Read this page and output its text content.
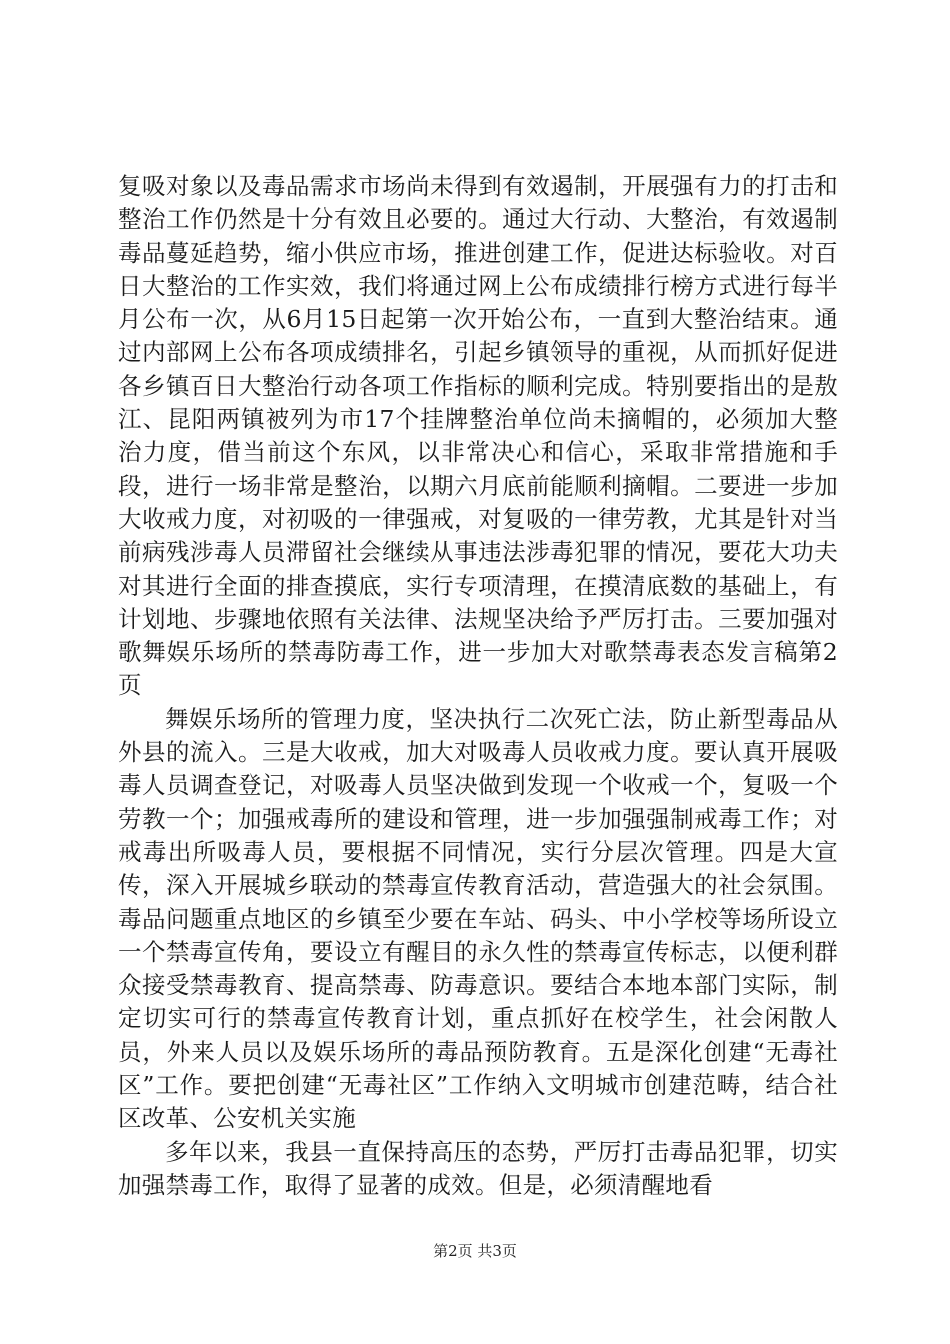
复吸对象以及毒品需求市场尚未得到有效遏制，开展强有力的打击和整治工作仍然是十分有效且必要的。通过大行动、大整治，有效遏制毒品蔓延趋势，缩小供应市场，推进创建工作，促进达标验收。对百日大整治的工作实效，我们将通过网上公布成绩排行榜方式进行每半月公布一次，从6月15日起第一次开始公布，一直到大整治结束。通过内部网上公布各项成绩排名，引起乡镇领导的重视，从而抓好促进各乡镇百日大整治行动各项工作指标的顺利完成。特别要指出的是敖江、昆阳两镇被列为市17个挂牌整治单位尚未摘帽的，必须加大整治力度，借当前这个东风，以非常决心和信心，采取非常措施和手段，进行一场非常是整治，以期六月底前能顺利摘帽。二要进一步加大收戒力度，对初吸的一律强戒，对复吸的一律劳教，尤其是针对当前病残涉毒人员滞留社会继续从事违法涉毒犯罪的情况，要花大功夫对其进行全面的排查摸底，实行专项清理，在摸清底数的基础上，有计划地、步骤地依照有关法律、法规坚决给予严厉打击。三要加强对歌舞娱乐场所的禁毒防毒工作，进一步加大对歌禁毒表态发言稿第2页

舞娱乐场所的管理力度，坚决执行二次死亡法，防止新型毒品从外县的流入。三是大收戒，加大对吸毒人员收戒力度。要认真开展吸毒人员调查登记，对吸毒人员坚决做到发现一个收戒一个，复吸一个劳教一个；加强戒毒所的建设和管理，进一步加强强制戒毒工作；对戒毒出所吸毒人员，要根据不同情况，实行分层次管理。四是大宣传，深入开展城乡联动的禁毒宣传教育活动，营造强大的社会氛围。毒品问题重点地区的乡镇至少要在车站、码头、中小学校等场所设立一个禁毒宣传角，要设立有醒目的永久性的禁毒宣传标志，以便利群众接受禁毒教育、提高禁毒、防毒意识。要结合本地本部门实际，制定切实可行的禁毒宣传教育计划，重点抓好在校学生，社会闲散人员，外来人员以及娱乐场所的毒品预防教育。五是深化创建“无毒社区”工作。要把创建“无毒社区”工作纳入文明城市创建范畴，结合社区改革、公安机关实施

多年以来，我县一直保持高压的态势，严厉打击毒品犯罪，切实加强禁毒工作，取得了显著的成效。但是，必须清醒地看

第2页 共3页
